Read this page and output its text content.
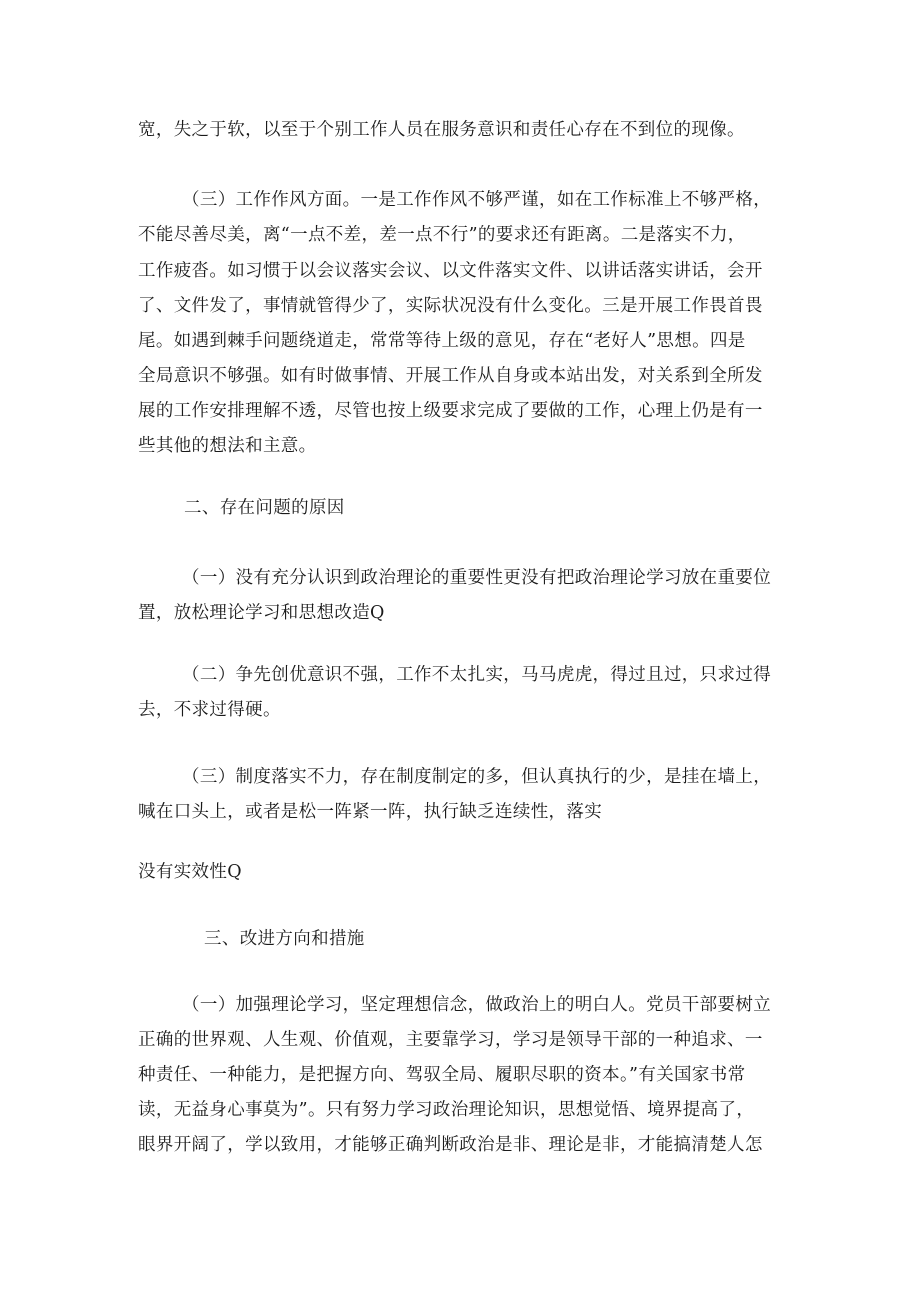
宽，失之于软，以至于个别工作人员在服务意识和责任心存在不到位的现像。
（三）工作作风方面。一是工作作风不够严谨，如在工作标准上不够严格，
不能尽善尽美，离“一点不差，差一点不行”的要求还有距离。二是落实不力，
工作疲沓。如习惯于以会议落实会议、以文件落实文件、以讲话落实讲话，会开
了、文件发了，事情就管得少了，实际状况没有什么变化。三是开展工作畏首畏
尾。如遇到棘手问题绕道走，常常等待上级的意见，存在“老好人”思想。四是
全局意识不够强。如有时做事情、开展工作从自身或本站出发，对关系到全所发
展的工作安排理解不透，尽管也按上级要求完成了要做的工作，心理上仍是有一
些其他的想法和主意。
二、存在问题的原因
（一）没有充分认识到政治理论的重要性更没有把政治理论学习放在重要位
置，放松理论学习和思想改造Q
（二）争先创优意识不强，工作不太扎实，马马虎虎，得过且过，只求过得
去，不求过得硬。
（三）制度落实不力，存在制度制定的多，但认真执行的少，是挂在墙上，
喊在口头上，或者是松一阵紧一阵，执行缺乏连续性，落实
没有实效性Q
三、改进方向和措施
（一）加强理论学习，坚定理想信念，做政治上的明白人。党员干部要树立
正确的世界观、人生观、价值观，主要靠学习，学习是领导干部的一种追求、一
种责任、一种能力，是把握方向、驾驭全局、履职尽职的资本。”有关国家书常
读，无益身心事莫为”。只有努力学习政治理论知识，思想觉悟、境界提高了，
眼界开阔了，学以致用，才能够正确判断政治是非、理论是非，才能搞清楚人怎
